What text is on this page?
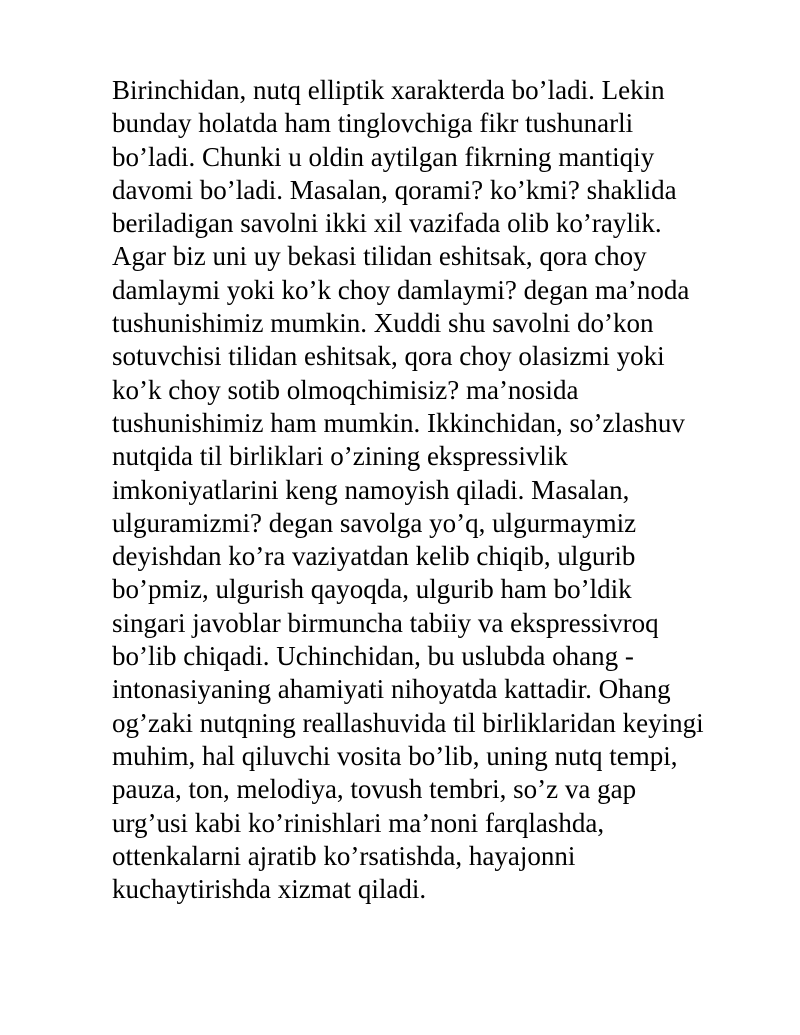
Birinchidan, nutq elliptik xarakterda bo’ladi. Lekin
bunday holatda ham tinglovchiga fikr tushunarli
bo’ladi. Chunki u oldin aytilgan fikrning mantiqiy
davomi bo’ladi. Masalan, qorami? ko’kmi? shaklida
beriladigan savolni ikki xil vazifada olib ko’raylik.
Agar biz uni uy bekasi tilidan eshitsak, qora choy
damlaymi yoki ko’k choy damlaymi? degan ma’noda
tushunishimiz mumkin. Xuddi shu savolni do’kon
sotuvchisi tilidan eshitsak, qora choy olasizmi yoki
ko’k choy sotib olmoqchimisiz? ma’nosida
tushunishimiz ham mumkin. Ikkinchidan, so’zlashuv
nutqida til birliklari o’zining ekspressivlik
imkoniyatlarini keng namoyish qiladi. Masalan,
ulguramizmi? degan savolga yo’q, ulgurmaymiz
deyishdan ko’ra vaziyatdan kelib chiqib, ulgurib
bo’pmiz, ulgurish qayoqda, ulgurib ham bo’ldik
singari javoblar birmuncha tabiiy va ekspressivroq
bo’lib chiqadi. Uchinchidan, bu uslubda ohang -
intonasiyaning ahamiyati nihoyatda kattadir. Ohang
og’zaki nutqning reallashuvida til birliklaridan keyingi
muhim, hal qiluvchi vosita bo’lib, uning nutq tempi,
pauza, ton, melodiya, tovush tembri, so’z va gap
urg’usi kabi ko’rinishlari ma’noni farqlashda,
ottenkalarni ajratib ko’rsatishda, hayajonni
kuchaytirishda xizmat qiladi.
